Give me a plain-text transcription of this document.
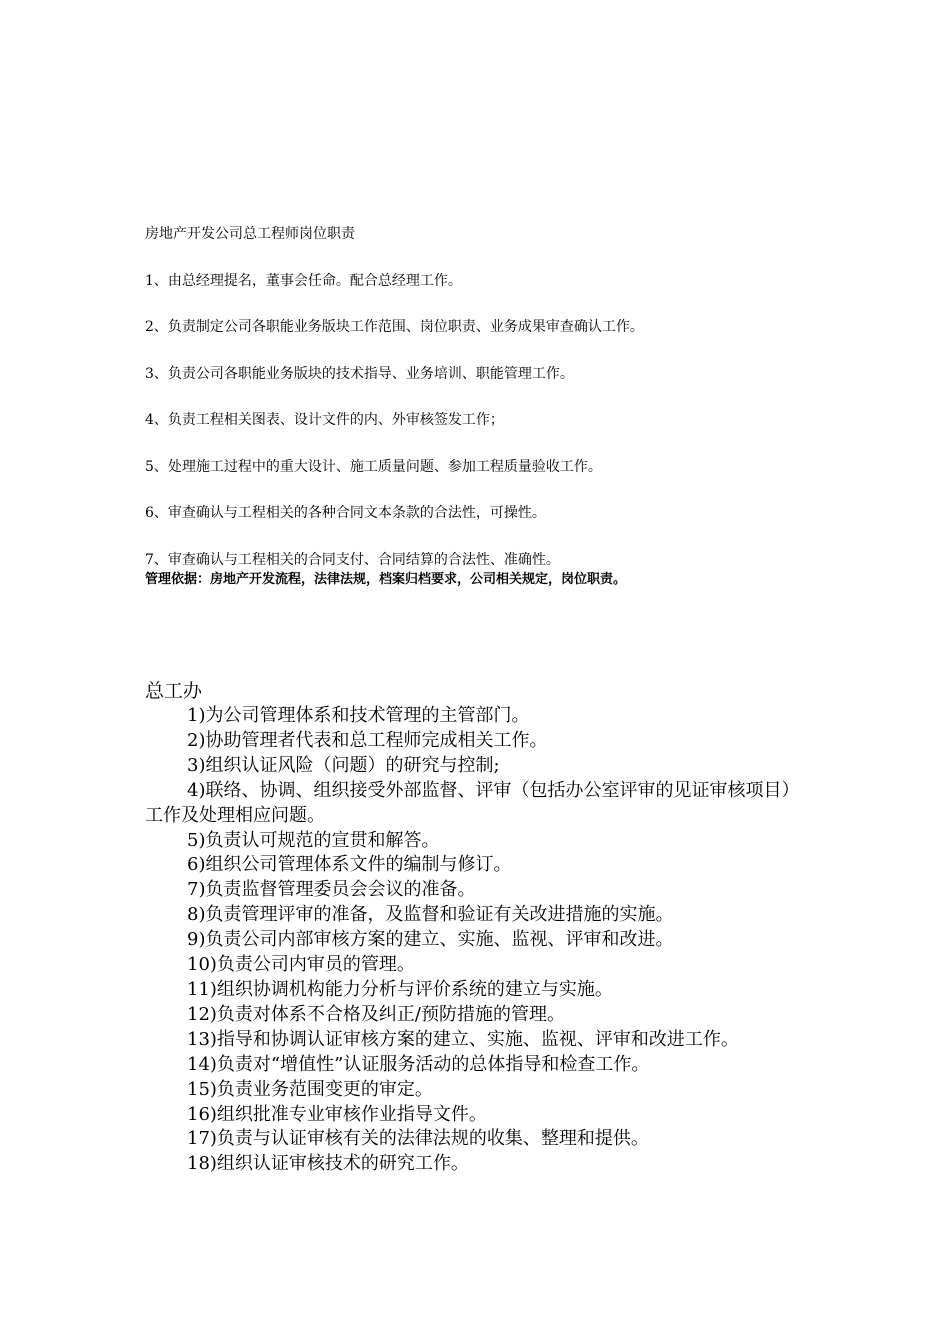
房地产开发公司总工程师岗位职责

1、由总经理提名，董事会任命。配合总经理工作。
2、负责制定公司各职能业务版块工作范围、岗位职责、业务成果审查确认工作。
3、负责公司各职能业务版块的技术指导、业务培训、职能管理工作。
4、负责工程相关图表、设计文件的内、外审核签发工作；
5、处理施工过程中的重大设计、施工质量问题、参加工程质量验收工作。
6、审查确认与工程相关的各种合同文本条款的合法性，可操性。
7、审查确认与工程相关的合同支付、合同结算的合法性、准确性。

管理依据：房地产开发流程，法律法规，档案归档要求，公司相关规定，岗位职责。

总工办

1)为公司管理体系和技术管理的主管部门。
2)协助管理者代表和总工程师完成相关工作。
3)组织认证风险（问题）的研究与控制;
4)联络、协调、组织接受外部监督、评审（包括办公室评审的见证审核项目）工作及处理相应问题。
5)负责认可规范的宣贯和解答。
6)组织公司管理体系文件的编制与修订。
7)负责监督管理委员会会议的准备。
8)负责管理评审的准备，及监督和验证有关改进措施的实施。
9)负责公司内部审核方案的建立、实施、监视、评审和改进。
10)负责公司内审员的管理。
11)组织协调机构能力分析与评价系统的建立与实施。
12)负责对体系不合格及纠正/预防措施的管理。
13)指导和协调认证审核方案的建立、实施、监视、评审和改进工作。
14)负责对“增值性”认证服务活动的总体指导和检查工作。
15)负责业务范围变更的审定。
16)组织批准专业审核作业指导文件。
17)负责与认证审核有关的法律法规的收集、整理和提供。
18)组织认证审核技术的研究工作。
